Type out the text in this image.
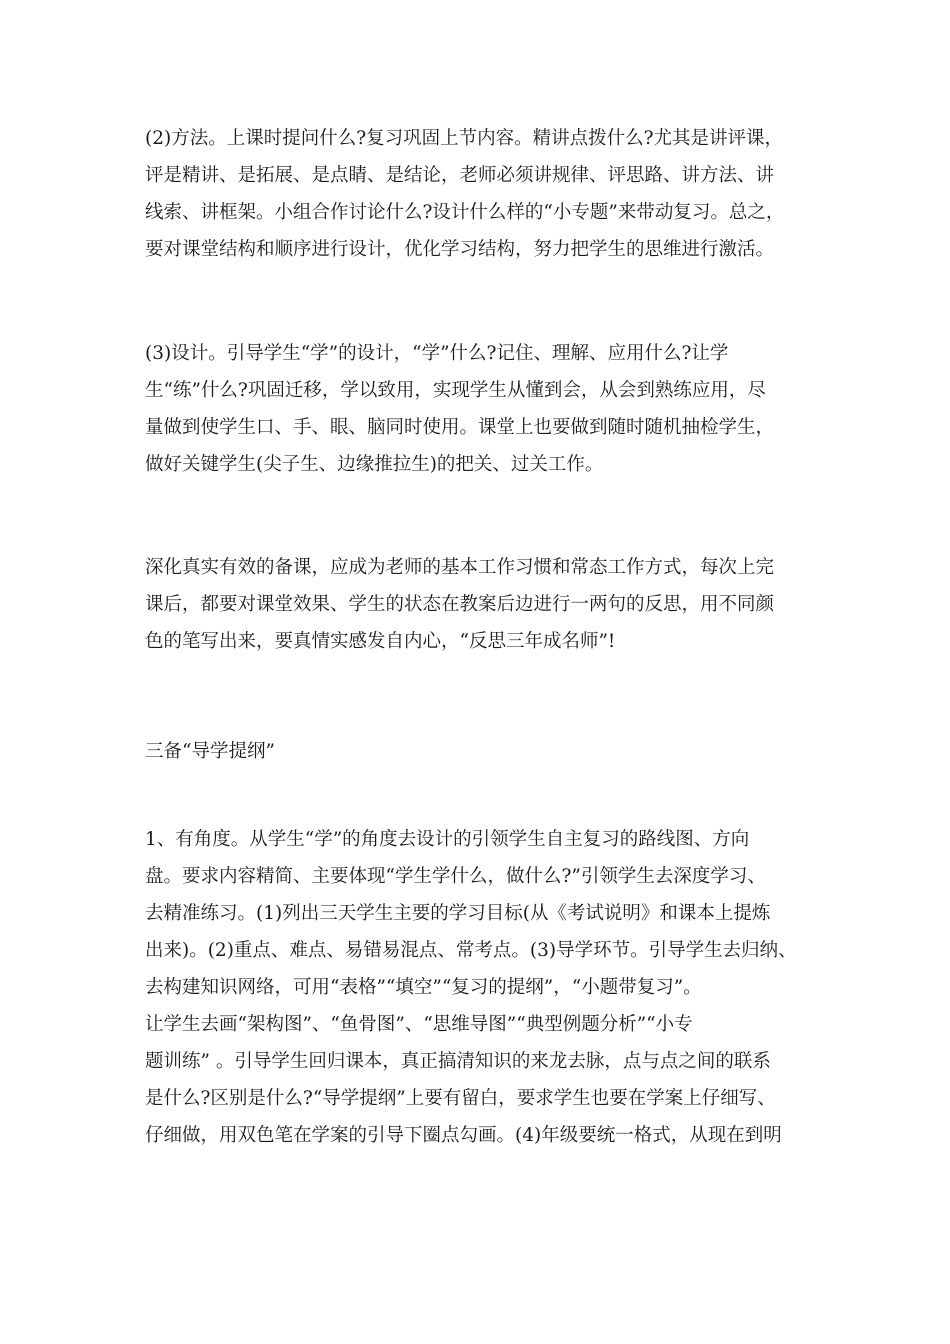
(2)方法。上课时提问什么?复习巩固上节内容。精讲点拨什么?尤其是讲评课，
评是精讲、是拓展、是点睛、是结论，老师必须讲规律、评思路、讲方法、讲
线索、讲框架。小组合作讨论什么?设计什么样的“小专题”来带动复习。总之，
要对课堂结构和顺序进行设计，优化学习结构，努力把学生的思维进行激活。
(3)设计。引导学生“学”的设计，“学”什么?记住、理解、应用什么?让学
生“练”什么?巩固迁移，学以致用，实现学生从懂到会，从会到熟练应用，尽
量做到使学生口、手、眼、脑同时使用。课堂上也要做到随时随机抽检学生，
做好关键学生(尖子生、边缘推拉生)的把关、过关工作。
深化真实有效的备课，应成为老师的基本工作习惯和常态工作方式，每次上完
课后，都要对课堂效果、学生的状态在教案后边进行一两句的反思，用不同颜
色的笔写出来，要真情实感发自内心，“反思三年成名师”!
三备“导学提纲”
1、有角度。从学生“学”的角度去设计的引领学生自主复习的路线图、方向
盘。要求内容精简、主要体现“学生学什么，做什么?”引领学生去深度学习、
去精准练习。(1)列出三天学生主要的学习目标(从《考试说明》和课本上提炼
出来)。(2)重点、难点、易错易混点、常考点。(3)导学环节。引导学生去归纳、
去构建知识网络，可用“表格”“填空”“复习的提纲”，“小题带复习”。
让学生去画“架构图”、“鱼骨图”、“思维导图”“典型例题分析”“小专
题训练” 。引导学生回归课本，真正搞清知识的来龙去脉，点与点之间的联系
是什么?区别是什么?“导学提纲”上要有留白，要求学生也要在学案上仔细写、
仔细做，用双色笔在学案的引导下圈点勾画。(4)年级要统一格式，从现在到明
